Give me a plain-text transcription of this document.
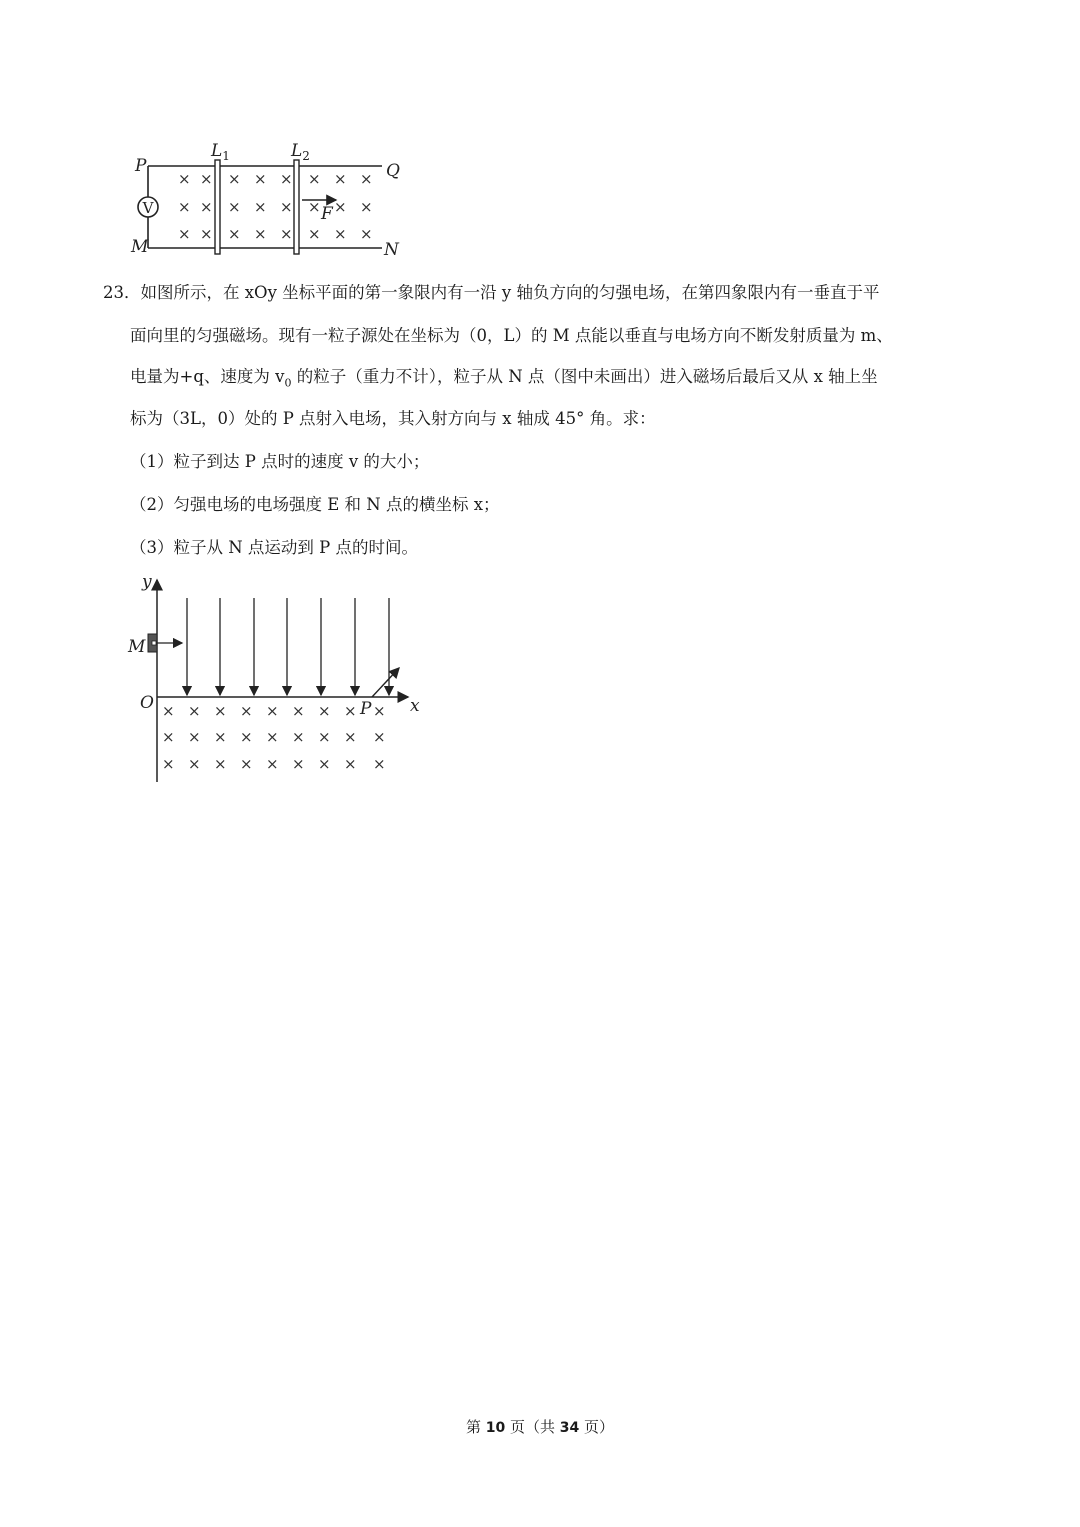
V
× × × × × × × ×
× × × × × × × ×
× × × × × × × ×
F
P
M
Q
N
$L_1$	$L_2$
23．如图所示，在 xOy 坐标平面的第一象限内有一沿 y 轴负方向的匀强电场，在第四象限内有一垂直于平
面向里的匀强磁场。现有一粒子源处在坐标为（0，L）的 M 点能以垂直与电场方向不断发射质量为 m、
电量为+q、速度为 $v_0$ 的粒子（重力不计），粒子从 N 点（图中未画出）进入磁场后最后又从 x 轴上坐
标为（3L，0）处的 P 点射入电场，其入射方向与 x 轴成 45° 角。求：
（1）粒子到达 P 点时的速度 v 的大小；
（2）匀强电场的电场强度 E 和 N 点的横坐标 x；
（3）粒子从 N 点运动到 P 点的时间。
y
x
O
M
× × × × × × × × ×
P
× × × × × × × × ×
× × × × × × × × ×
第 10 页（共 34 页）
